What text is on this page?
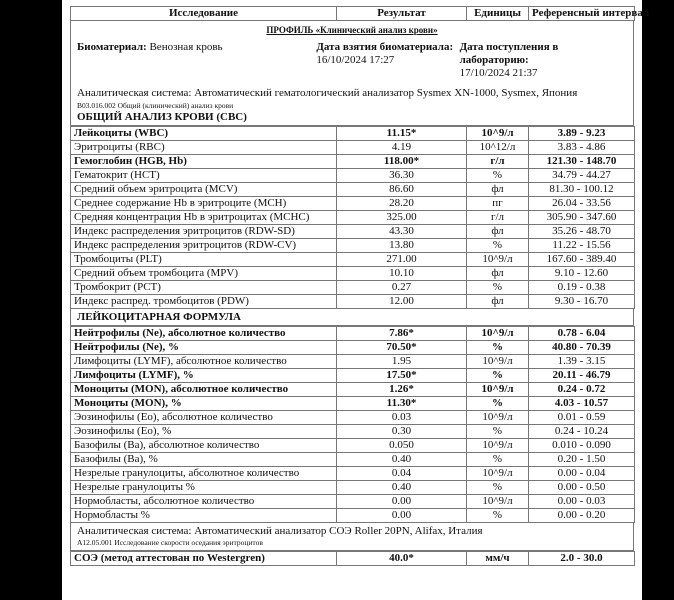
Исследование	Результат	Единицы	Референсный интервал
ПРОФИЛЬ «Клинический анализ крови»
Биоматериал: Венозная кровь	Дата взятия биоматериала:
16/10/2024 17:27
Дата поступления в лабораторию:
17/10/2024 21:37
Аналитическая система: Автоматический гематологический анализатор Sysmex XN-1000, Sysmex, Япония
B03.016.002 Общий (клинический) анализ крови
ОБЩИЙ АНАЛИЗ КРОВИ (CBC)
Лейкоциты (WBC)	11.15*	10^9/л	3.89 - 9.23
Эритроциты (RBC)	4.19	10^12/л	3.83 - 4.86
Гемоглобин (HGB, Hb)	118.00*	г/л	121.30 - 148.70
Гематокрит (HCT)	36.30	%	34.79 - 44.27
Средний объем эритроцита (MCV)	86.60	фл	81.30 - 100.12
Среднее содержание Hb в эритроците (MCH)	28.20	пг	26.04 - 33.56
Средняя концентрация Hb в эритроцитах (MCHC)	325.00	г/л	305.90 - 347.60
Индекс распределения эритроцитов (RDW-SD)	43.30	фл	35.26 - 48.70
Индекс распределения эритроцитов (RDW-CV)	13.80	%	11.22 - 15.56
Тромбоциты (PLT)	271.00	10^9/л	167.60 - 389.40
Средний объем тромбоцита (MPV)	10.10	фл	9.10 - 12.60
Тромбокрит (PCT)	0.27	%	0.19 - 0.38
Индекс распред. тромбоцитов (PDW)	12.00	фл	9.30 - 16.70
ЛЕЙКОЦИТАРНАЯ ФОРМУЛА
Нейтрофилы (Ne), абсолютное количество	7.86*	10^9/л	0.78 - 6.04
Нейтрофилы (Ne), %	70.50*	%	40.80 - 70.39
Лимфоциты (LYMF), абсолютное количество	1.95	10^9/л	1.39 - 3.15
Лимфоциты (LYMF), %	17.50*	%	20.11 - 46.79
Моноциты (MON), абсолютное количество	1.26*	10^9/л	0.24 - 0.72
Моноциты (MON), %	11.30*	%	4.03 - 10.57
Эозинофилы (Eo), абсолютное количество	0.03	10^9/л	0.01 - 0.59
Эозинофилы (Eo), %	0.30	%	0.24 - 10.24
Базофилы (Ba), абсолютное количество	0.050	10^9/л	0.010 - 0.090
Базофилы (Ba), %	0.40	%	0.20 - 1.50
Незрелые гранулоциты, абсолютное количество	0.04	10^9/л	0.00 - 0.04
Незрелые гранулоциты %	0.40	%	0.00 - 0.50
Нормобласты, абсолютное количество	0.00	10^9/л	0.00 - 0.03
Нормобласты %	0.00	%	0.00 - 0.20
Аналитическая система: Автоматический анализатор СОЭ Roller 20PN, Alifax, Италия
A12.05.001 Исследование скорости оседания эритроцитов
СОЭ (метод аттестован по Westergren)	40.0*	мм/ч	2.0 - 30.0
